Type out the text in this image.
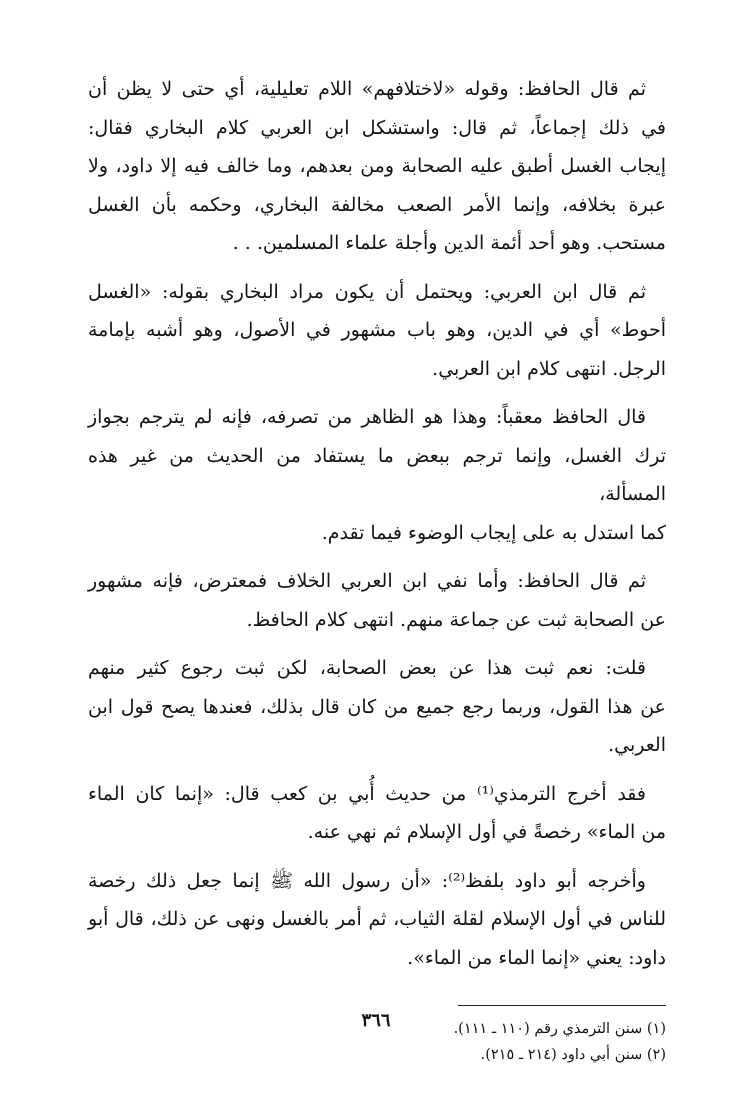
ثم قال الحافظ: وقوله «لاختلافهم» اللام تعليلية، أي حتى لا يظن أن
في ذلك إجماعاً، ثم قال: واستشكل ابن العربي كلام البخاري فقال:
إيجاب الغسل أطبق عليه الصحابة ومن بعدهم، وما خالف فيه إلا داود، ولا
عبرة بخلافه، وإنما الأمر الصعب مخالفة البخاري، وحكمه بأن الغسل
مستحب. وهو أحد أئمة الدين وأجلة علماء المسلمين. . .
ثم قال ابن العربي: ويحتمل أن يكون مراد البخاري بقوله: «الغسل
أحوط» أي في الدين، وهو باب مشهور في الأصول، وهو أشبه بإمامة
الرجل. انتهى كلام ابن العربي.
قال الحافظ معقباً: وهذا هو الظاهر من تصرفه، فإنه لم يترجم بجواز
ترك الغسل، وإنما ترجم ببعض ما يستفاد من الحديث من غير هذه المسألة،
كما استدل به على إيجاب الوضوء فيما تقدم.
ثم قال الحافظ: وأما نفي ابن العربي الخلاف فمعترض، فإنه مشهور
عن الصحابة ثبت عن جماعة منهم. انتهى كلام الحافظ.
قلت: نعم ثبت هذا عن بعض الصحابة، لكن ثبت رجوع كثير منهم
عن هذا القول، وربما رجع جميع من كان قال بذلك، فعندها يصح قول ابن
العربي.
فقد أخرج الترمذي⁽¹⁾ من حديث أُبي بن كعب قال: «إنما كان الماء
من الماء» رخصةً في أول الإسلام ثم نهي عنه.
وأخرجه أبو داود بلفظ⁽²⁾: «أن رسول الله ﷺ إنما جعل ذلك رخصة
للناس في أول الإسلام لقلة الثياب، ثم أمر بالغسل ونهى عن ذلك، قال أبو
داود: يعني «إنما الماء من الماء».

(١) سنن الترمذي رقم (١١٠ ـ ١١١).

(٢) سنن أبي داود (٢١٤ ـ ٢١٥).

٣٦٦
